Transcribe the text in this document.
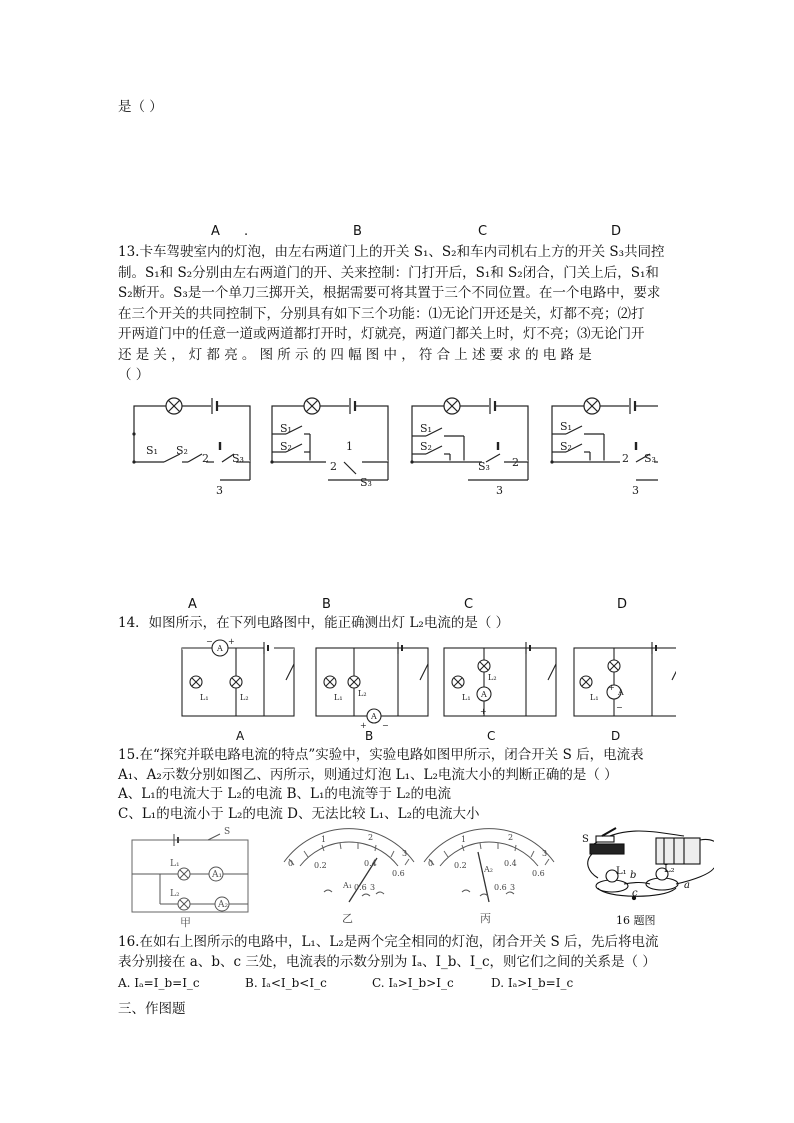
是（ ）
A .	B	C	D
13.卡车驾驶室内的灯泡，由左右两道门上的开关 S₁、S₂和车内司机右上方的开关 S₃共同控
制。S₁和 S₂分别由左右两道门的开、关来控制：门打开后，S₁和 S₂闭合，门关上后，S₁和
S₂断开。S₃是一个单刀三掷开关，根据需要可将其置于三个不同位置。在一个电路中，要求
在三个开关的共同控制下，分别具有如下三个功能：⑴无论门开还是关，灯都不亮；⑵打
开两道门中的任意一道或两道都打开时，灯就亮，两道门都关上时，灯不亮；⑶无论门开
还是关，灯都亮。图所示的四幅图中，符合上述要求的电路是
（ ）
S₁ S₂
2 S₃
3
S₁
S₂	1
2
S₃
S₁
S₂
S₃ 2
3
S₁
S₂
2 S₃
3
A	B	C	D
14．如图所示，在下列电路图中，能正确测出灯 L₂电流的是（ ）
A
+
−
L₁	L₂	L₁ L₂
A
+ −
L₁
L₂
A
+
L₁
A
+
−
A	B	C	D
15.在“探究并联电路电流的特点”实验中，实验电路如图甲所示，闭合开关 S 后，电流表
A₁、A₂示数分别如图乙、丙所示，则通过灯泡 L₁、L₂电流大小的判断正确的是（ ）
A、L₁的电流大于 L₂的电流 B、L₁的电流等于 L₂的电流
C、L₁的电流小于 L₂的电流 D、无法比较 L₁、L₂的电流大小
S
L₁
A₁
L₂
A₂
甲
0
1	2
3
0.2	0.4
0.6
A₁ 0.6 3
乙
0
1	2
3
0.2	0.4
0.6
A₂
0.6 3
丙
S
L₁	L₂
b
a
c
16 题图
16.在如右上图所示的电路中，L₁、L₂是两个完全相同的灯泡，闭合开关 S 后，先后将电流
表分别接在 a、b、c 三处，电流表的示数分别为 Iₐ、I_b、I_c，则它们之间的关系是（ ）
A. Iₐ=I_b=I_c	B. Iₐ<I_b<I_c	C. Iₐ>I_b>I_c	D. Iₐ>I_b=I_c
三、作图题
